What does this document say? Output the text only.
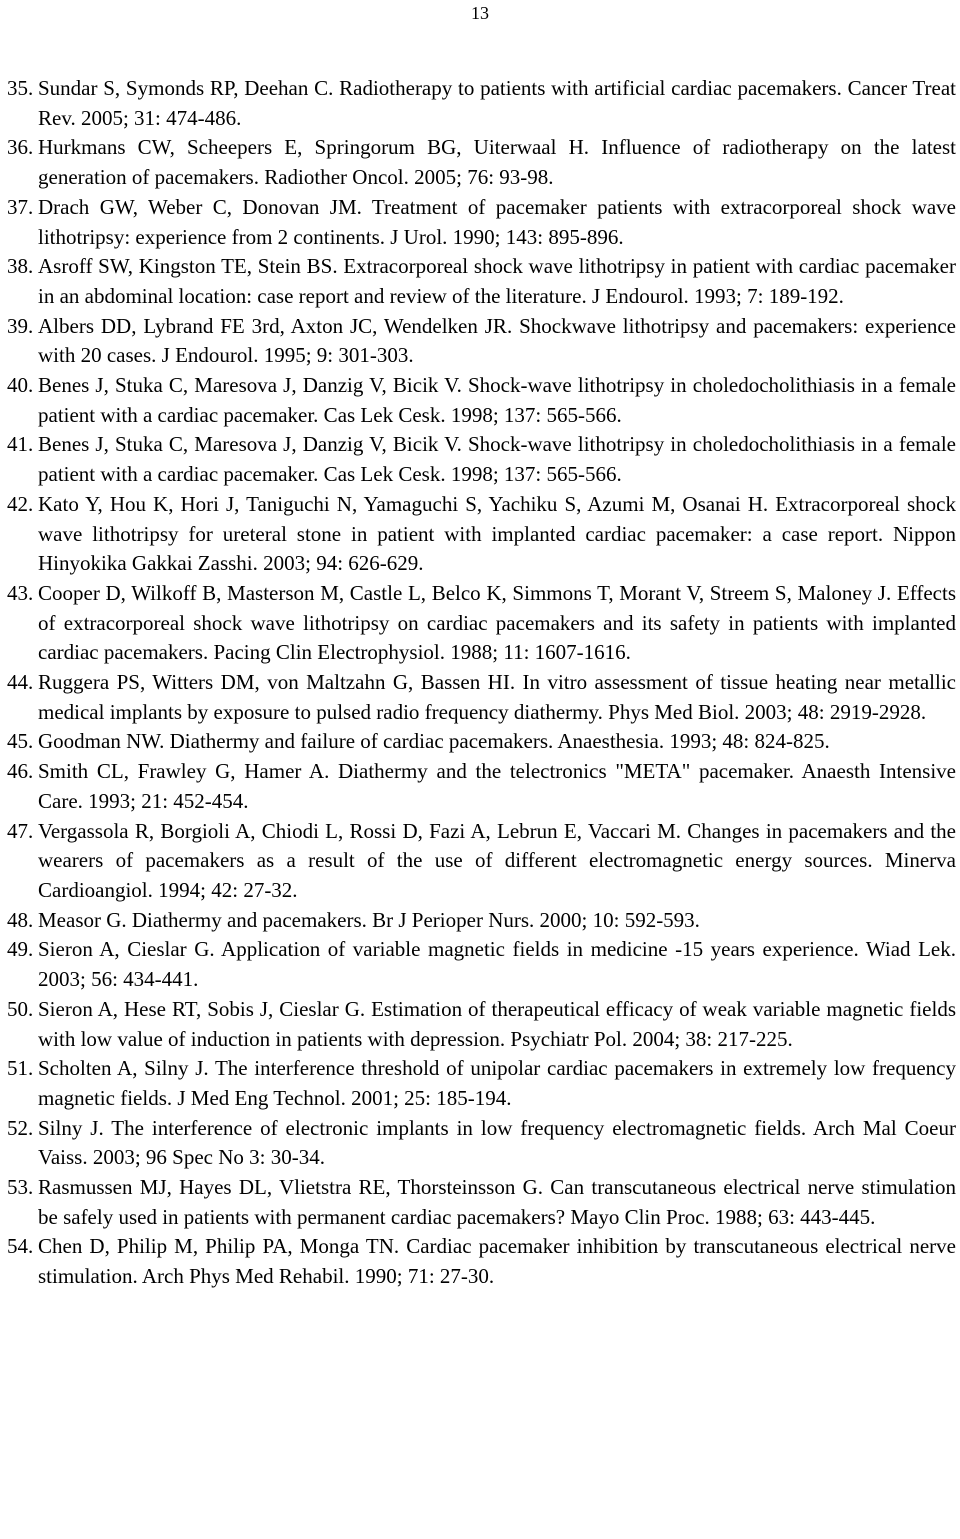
13
35. Sundar S, Symonds RP, Deehan C. Radiotherapy to patients with artificial cardiac pacemakers. Cancer Treat Rev. 2005; 31: 474-486.
36. Hurkmans CW, Scheepers E, Springorum BG, Uiterwaal H. Influence of radiotherapy on the latest generation of pacemakers. Radiother Oncol. 2005; 76: 93-98.
37. Drach GW, Weber C, Donovan JM. Treatment of pacemaker patients with extracorporeal shock wave lithotripsy: experience from 2 continents. J Urol. 1990; 143: 895-896.
38. Asroff SW, Kingston TE, Stein BS. Extracorporeal shock wave lithotripsy in patient with cardiac pacemaker in an abdominal location: case report and review of the literature. J Endourol. 1993; 7: 189-192.
39. Albers DD, Lybrand FE 3rd, Axton JC, Wendelken JR. Shockwave lithotripsy and pacemakers: experience with 20 cases. J Endourol. 1995; 9: 301-303.
40. Benes J, Stuka C, Maresova J, Danzig V, Bicik V. Shock-wave lithotripsy in choledocholithiasis in a female patient with a cardiac pacemaker. Cas Lek Cesk. 1998; 137: 565-566.
41. Benes J, Stuka C, Maresova J, Danzig V, Bicik V. Shock-wave lithotripsy in choledocholithiasis in a female patient with a cardiac pacemaker. Cas Lek Cesk. 1998; 137: 565-566.
42. Kato Y, Hou K, Hori J, Taniguchi N, Yamaguchi S, Yachiku S, Azumi M, Osanai H. Extracorporeal shock wave lithotripsy for ureteral stone in patient with implanted cardiac pacemaker: a case report. Nippon Hinyokika Gakkai Zasshi. 2003; 94: 626-629.
43. Cooper D, Wilkoff B, Masterson M, Castle L, Belco K, Simmons T, Morant V, Streem S, Maloney J. Effects of extracorporeal shock wave lithotripsy on cardiac pacemakers and its safety in patients with implanted cardiac pacemakers. Pacing Clin Electrophysiol. 1988; 11: 1607-1616.
44. Ruggera PS, Witters DM, von Maltzahn G, Bassen HI. In vitro assessment of tissue heating near metallic medical implants by exposure to pulsed radio frequency diathermy. Phys Med Biol. 2003; 48: 2919-2928.
45. Goodman NW. Diathermy and failure of cardiac pacemakers. Anaesthesia. 1993; 48: 824-825.
46. Smith CL, Frawley G, Hamer A. Diathermy and the telectronics "META" pacemaker. Anaesth Intensive Care. 1993; 21: 452-454.
47. Vergassola R, Borgioli A, Chiodi L, Rossi D, Fazi A, Lebrun E, Vaccari M. Changes in pacemakers and the wearers of pacemakers as a result of the use of different electromagnetic energy sources. Minerva Cardioangiol. 1994; 42: 27-32.
48. Measor G. Diathermy and pacemakers. Br J Perioper Nurs. 2000; 10: 592-593.
49. Sieron A, Cieslar G. Application of variable magnetic fields in medicine -15 years experience. Wiad Lek. 2003; 56: 434-441.
50. Sieron A, Hese RT, Sobis J, Cieslar G. Estimation of therapeutical efficacy of weak variable magnetic fields with low value of induction in patients with depression. Psychiatr Pol. 2004; 38: 217-225.
51. Scholten A, Silny J. The interference threshold of unipolar cardiac pacemakers in extremely low frequency magnetic fields. J Med Eng Technol. 2001; 25: 185-194.
52. Silny J. The interference of electronic implants in low frequency electromagnetic fields. Arch Mal Coeur Vaiss. 2003; 96 Spec No 3: 30-34.
53. Rasmussen MJ, Hayes DL, Vlietstra RE, Thorsteinsson G. Can transcutaneous electrical nerve stimulation be safely used in patients with permanent cardiac pacemakers? Mayo Clin Proc. 1988; 63: 443-445.
54. Chen D, Philip M, Philip PA, Monga TN. Cardiac pacemaker inhibition by transcutaneous electrical nerve stimulation. Arch Phys Med Rehabil. 1990; 71: 27-30.
